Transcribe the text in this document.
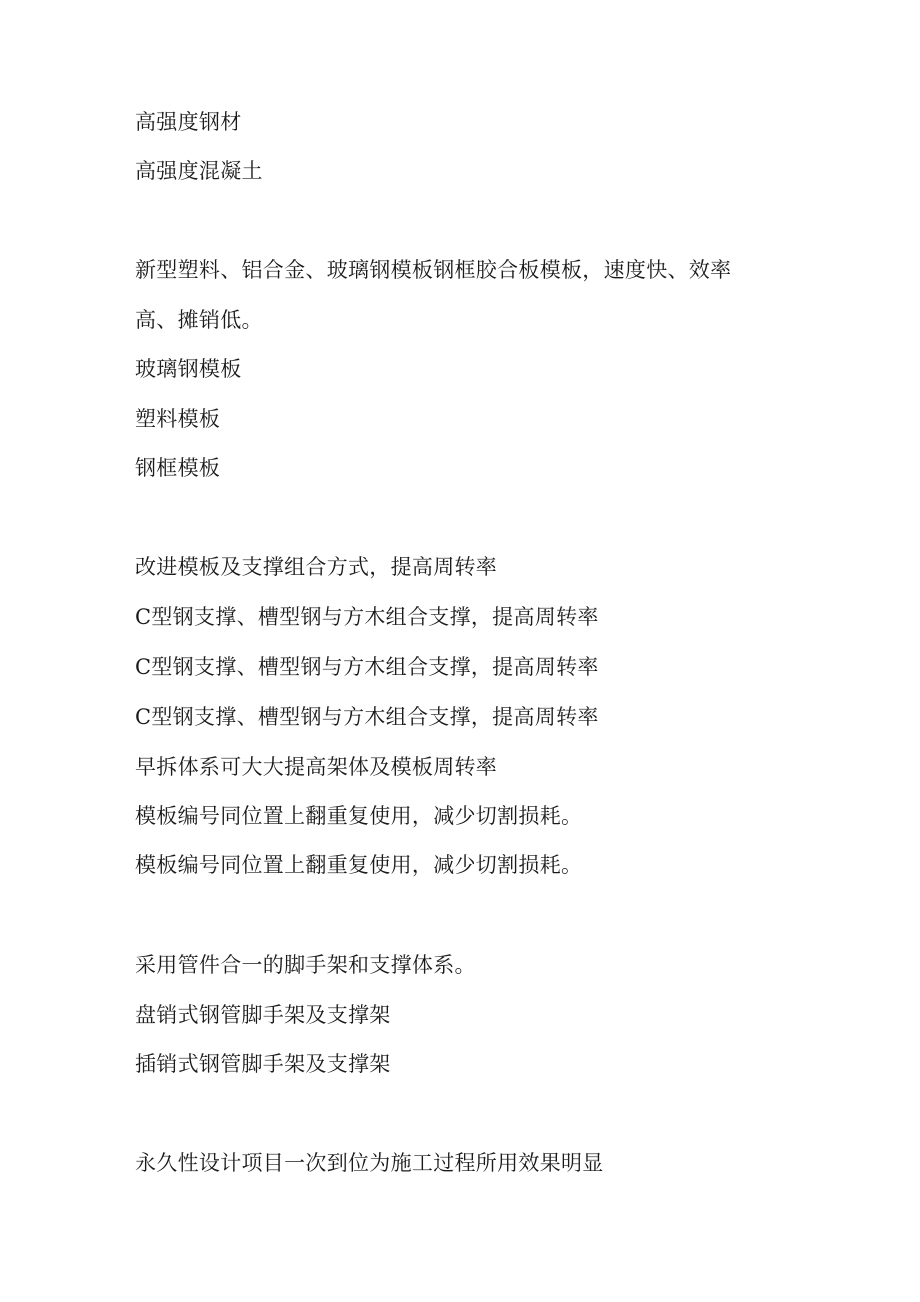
高强度钢材
高强度混凝土
新型塑料、铝合金、玻璃钢模板钢框胶合板模板，速度快、效率
高、摊销低。
玻璃钢模板
塑料模板
钢框模板
改进模板及支撑组合方式，提高周转率
C型钢支撑、槽型钢与方木组合支撑，提高周转率
C型钢支撑、槽型钢与方木组合支撑，提高周转率
C型钢支撑、槽型钢与方木组合支撑，提高周转率
早拆体系可大大提高架体及模板周转率
模板编号同位置上翻重复使用，减少切割损耗。
模板编号同位置上翻重复使用，减少切割损耗。
采用管件合一的脚手架和支撑体系。
盘销式钢管脚手架及支撑架
插销式钢管脚手架及支撑架
永久性设计项目一次到位为施工过程所用效果明显
